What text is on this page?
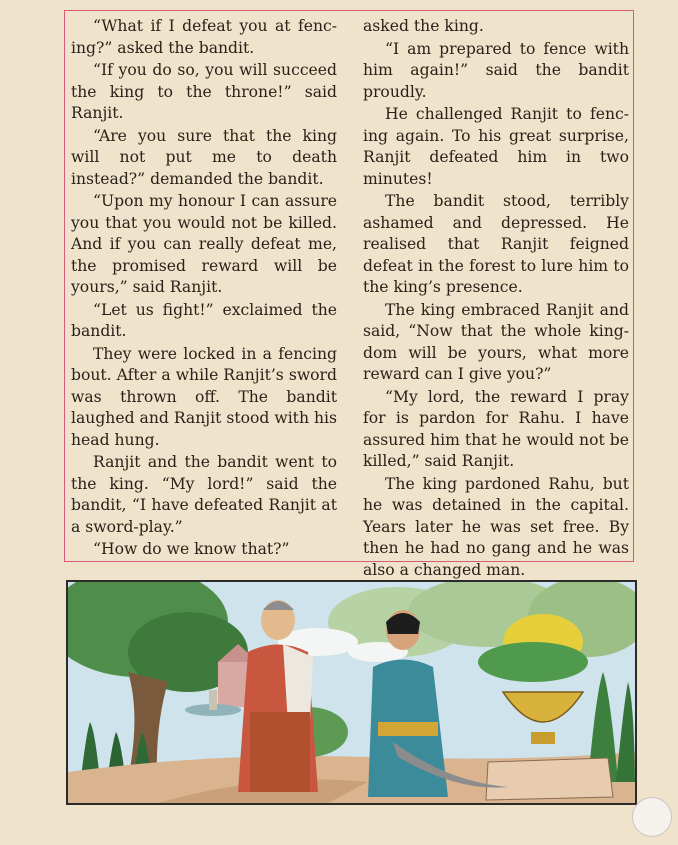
“What if I defeat you at fenc-ing?” asked the bandit.

“If you do so, you will succeed the king to the throne!” said Ranjit.

“Are you sure that the king will not put me to death instead?” demanded the bandit.

“Upon my honour I can assure you that you would not be killed. And if you can really defeat me, the promised reward will be yours,” said Ranjit.

“Let us fight!” exclaimed the bandit.

They were locked in a fencing bout. After a while Ranjit’s sword was thrown off. The bandit laughed and Ranjit stood with his head hung.

Ranjit and the bandit went to the king. “My lord!” said the bandit, “I have defeated Ranjit at a sword-play.”

“How do we know that?”

asked the king.

“I am prepared to fence with him again!” said the bandit proudly.

He challenged Ranjit to fenc-ing again. To his great surprise, Ranjit defeated him in two minutes!

The bandit stood, terribly ashamed and depressed. He realised that Ranjit feigned defeat in the forest to lure him to the king’s presence.

The king embraced Ranjit and said, “Now that the whole king-dom will be yours, what more reward can I give you?”

“My lord, the reward I pray for is pardon for Rahu. I have assured him that he would not be killed,” said Ranjit.

The king pardoned Rahu, but he was detained in the capital. Years later he was set free. By then he had no gang and he was also a changed man.
